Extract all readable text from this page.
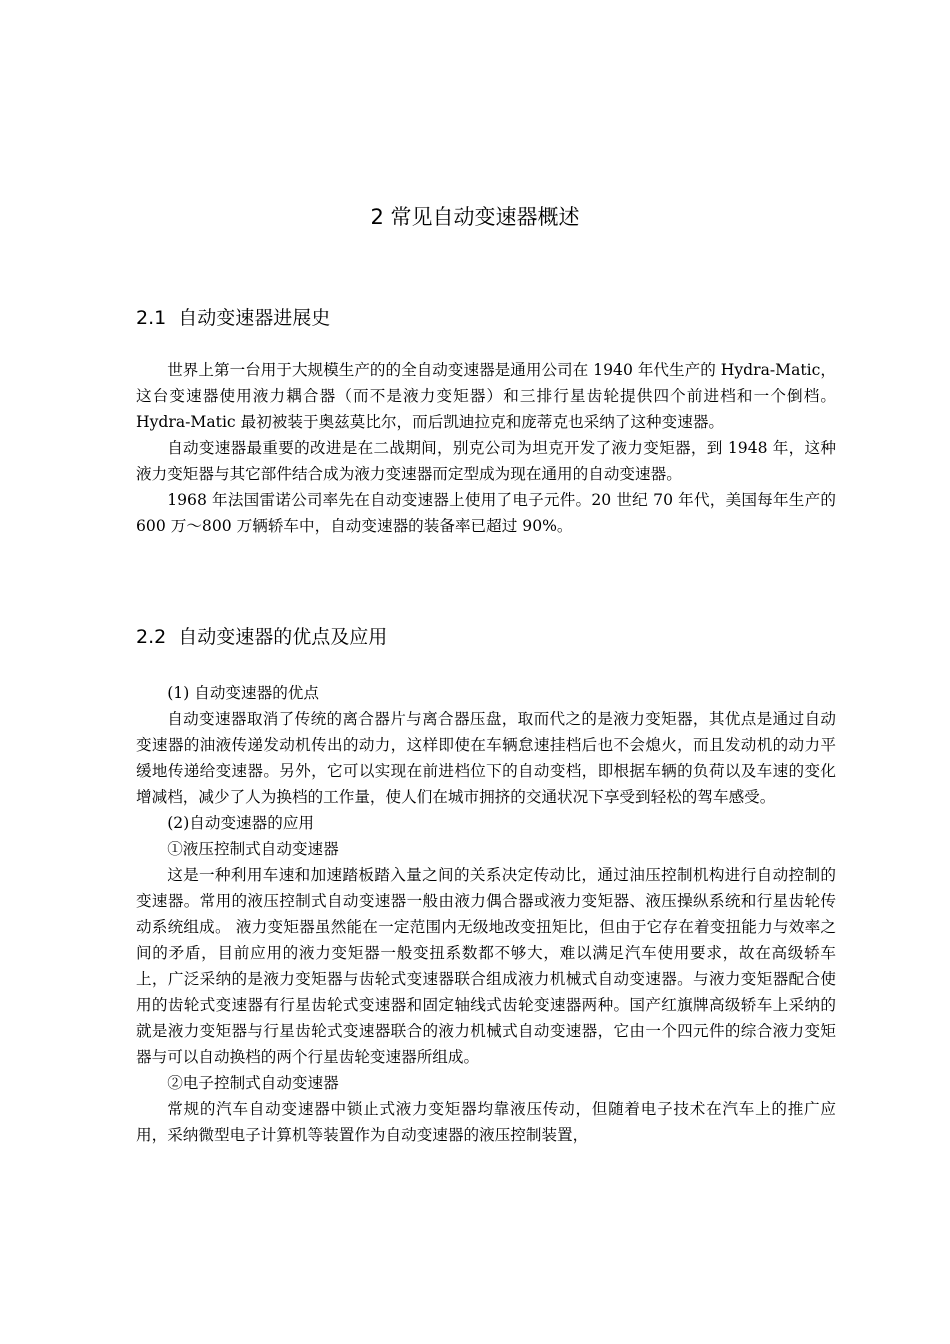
2 常见自动变速器概述
2.1 自动变速器进展史

世界上第一台用于大规模生产的的全自动变速器是通用公司在 1940 年代生产的 Hydra-Matic，这台变速器使用液力耦合器（而不是液力变矩器）和三排行星齿轮提供四个前进档和一个倒档。Hydra-Matic 最初被装于奥兹莫比尔，而后凯迪拉克和庞蒂克也采纳了这种变速器。

自动变速器最重要的改进是在二战期间，别克公司为坦克开发了液力变矩器，到 1948 年，这种液力变矩器与其它部件结合成为液力变速器而定型成为现在通用的自动变速器。

1968 年法国雷诺公司率先在自动变速器上使用了电子元件。20 世纪 70 年代，美国每年生产的 600 万～800 万辆轿车中，自动变速器的装备率已超过 90%。

2.2 自动变速器的优点及应用

(1) 自动变速器的优点

自动变速器取消了传统的离合器片与离合器压盘，取而代之的是液力变矩器，其优点是通过自动变速器的油液传递发动机传出的动力，这样即使在车辆怠速挂档后也不会熄火，而且发动机的动力平缓地传递给变速器。另外，它可以实现在前进档位下的自动变档，即根据车辆的负荷以及车速的变化增减档，减少了人为换档的工作量，使人们在城市拥挤的交通状况下享受到轻松的驾车感受。

(2)自动变速器的应用

①液压控制式自动变速器

这是一种利用车速和加速踏板踏入量之间的关系决定传动比，通过油压控制机构进行自动控制的变速器。常用的液压控制式自动变速器一般由液力偶合器或液力变矩器、液压操纵系统和行星齿轮传动系统组成。 液力变矩器虽然能在一定范围内无级地改变扭矩比，但由于它存在着变扭能力与效率之间的矛盾，目前应用的液力变矩器一般变扭系数都不够大，难以满足汽车使用要求，故在高级轿车上，广泛采纳的是液力变矩器与齿轮式变速器联合组成液力机械式自动变速器。与液力变矩器配合使用的齿轮式变速器有行星齿轮式变速器和固定轴线式齿轮变速器两种。国产红旗牌高级轿车上采纳的就是液力变矩器与行星齿轮式变速器联合的液力机械式自动变速器，它由一个四元件的综合液力变矩器与可以自动换档的两个行星齿轮变速器所组成。

②电子控制式自动变速器

常规的汽车自动变速器中锁止式液力变矩器均靠液压传动，但随着电子技术在汽车上的推广应用，采纳微型电子计算机等装置作为自动变速器的液压控制装置，
